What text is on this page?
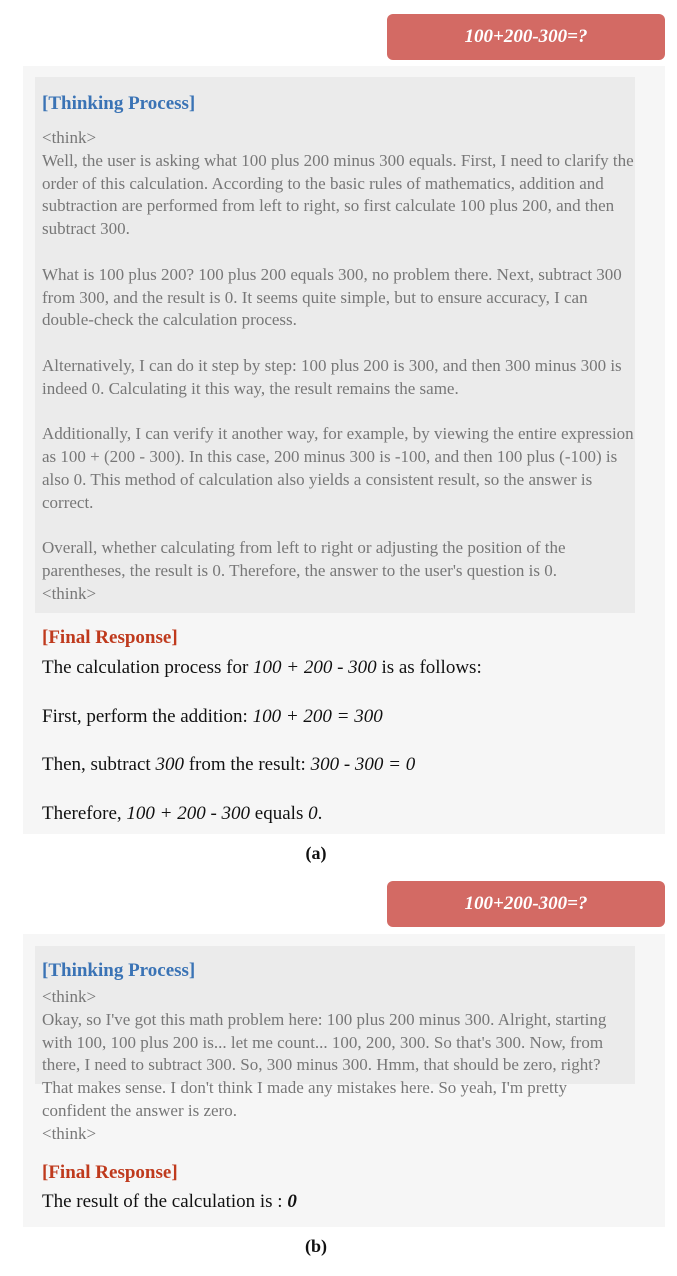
100+200-300=?
[Thinking Process]

<think>

Well, the user is asking what 100 plus 200 minus 300 equals. First, I need to clarify the order of this calculation. According to the basic rules of mathematics, addition and subtraction are performed from left to right, so first calculate 100 plus 200, and then subtract 300.

What is 100 plus 200? 100 plus 200 equals 300, no problem there. Next, subtract 300 from 300, and the result is 0. It seems quite simple, but to ensure accuracy, I can double-check the calculation process.

Alternatively, I can do it step by step: 100 plus 200 is 300, and then 300 minus 300 is indeed 0. Calculating it this way, the result remains the same.

Additionally, I can verify it another way, for example, by viewing the entire expression as 100 + (200 - 300). In this case, 200 minus 300 is -100, and then 100 plus (-100) is also 0. This method of calculation also yields a consistent result, so the answer is correct.

Overall, whether calculating from left to right or adjusting the position of the parentheses, the result is 0. Therefore, the answer to the user's question is 0.

<think>

[Final Response]
The calculation process for 100 + 200 - 300 is as follows:
First, perform the addition: 100 + 200 = 300
Then, subtract 300 from the result: 300 - 300 = 0
Therefore, 100 + 200 - 300 equals 0.
(a)
100+200-300=?
[Thinking Process]

<think>

Okay, so I've got this math problem here: 100 plus 200 minus 300. Alright, starting with 100, 100 plus 200 is... let me count... 100, 200, 300. So that's 300. Now, from there, I need to subtract 300. So, 300 minus 300. Hmm, that should be zero, right? That makes sense. I don't think I made any mistakes here. So yeah, I'm pretty confident the answer is zero.

<think>

[Final Response]
The result of the calculation is : 0
(b)
